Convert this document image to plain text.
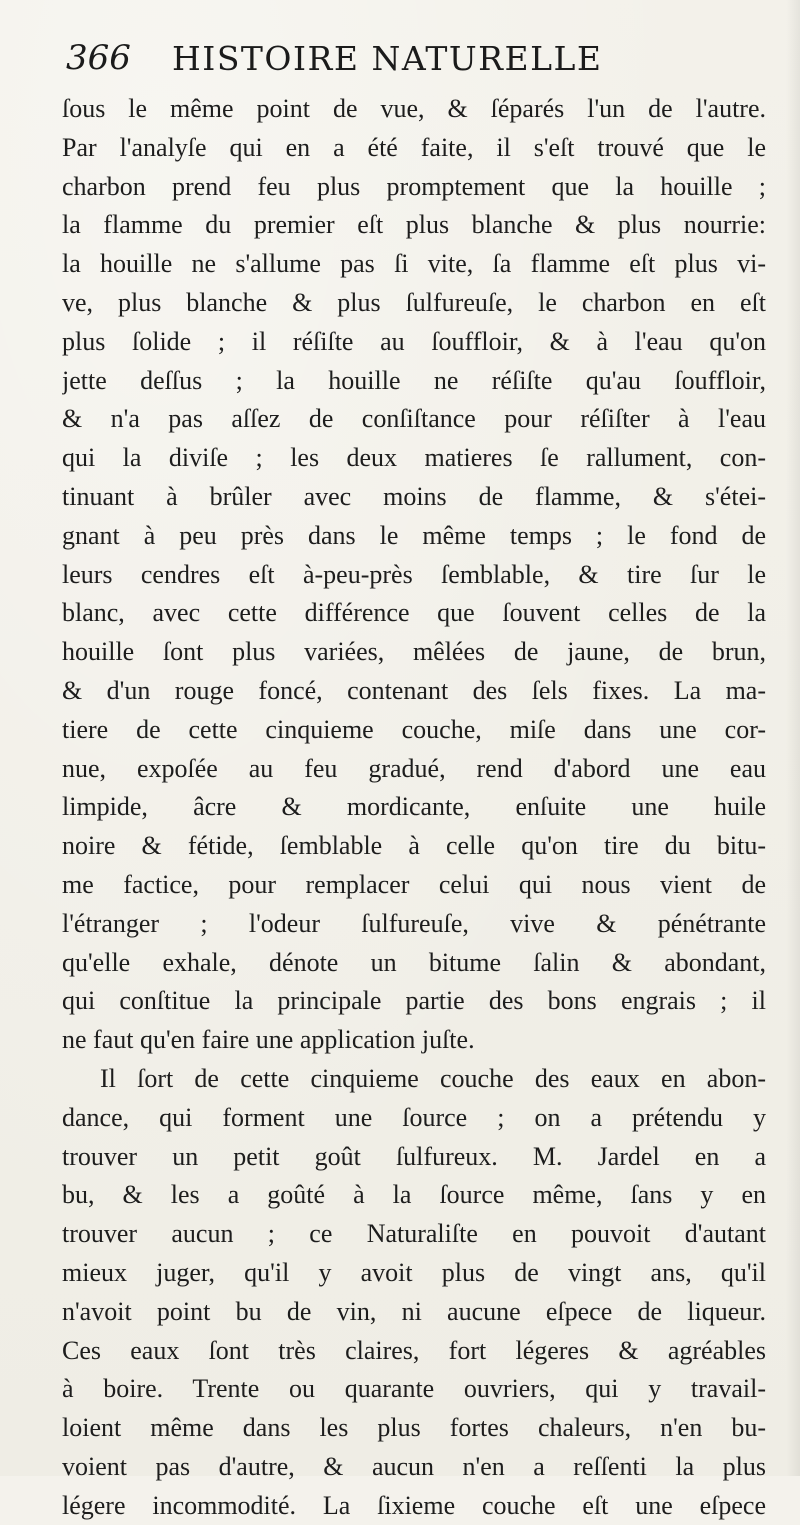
366 HISTOIRE NATURELLE
ſous le même point de vue, & ſéparés l'un de l'autre.
Par l'analyſe qui en a été faite, il s'eſt trouvé que le
charbon prend feu plus promptement que la houille ;
la flamme du premier eſt plus blanche & plus nourrie:
la houille ne s'allume pas ſi vite, ſa flamme eſt plus vi-
ve, plus blanche & plus ſulfureuſe, le charbon en eſt
plus ſolide ; il réſiſte au ſouffloir, & à l'eau qu'on
jette deſſus ; la houille ne réſiſte qu'au ſouffloir,
& n'a pas aſſez de conſiſtance pour réſiſter à l'eau
qui la diviſe ; les deux matieres ſe rallument, con-
tinuant à brûler avec moins de flamme, & s'étei-
gnant à peu près dans le même temps ; le fond de
leurs cendres eſt à-peu-près ſemblable, & tire ſur le
blanc, avec cette différence que ſouvent celles de la
houille ſont plus variées, mêlées de jaune, de brun,
& d'un rouge foncé, contenant des ſels fixes. La ma-
tiere de cette cinquieme couche, miſe dans une cor-
nue, expoſée au feu gradué, rend d'abord une eau
limpide, âcre & mordicante, enſuite une huile
noire & fétide, ſemblable à celle qu'on tire du bitu-
me factice, pour remplacer celui qui nous vient de
l'étranger ; l'odeur ſulfureuſe, vive & pénétrante
qu'elle exhale, dénote un bitume ſalin & abondant,
qui conſtitue la principale partie des bons engrais ; il
ne faut qu'en faire une application juſte.
Il ſort de cette cinquieme couche des eaux en abon-
dance, qui forment une ſource ; on a prétendu y
trouver un petit goût ſulfureux. M. Jardel en a
bu, & les a goûté à la ſource même, ſans y en
trouver aucun ; ce Naturaliſte en pouvoit d'autant
mieux juger, qu'il y avoit plus de vingt ans, qu'il
n'avoit point bu de vin, ni aucune eſpece de liqueur.
Ces eaux ſont très claires, fort légeres & agréables
à boire. Trente ou quarante ouvriers, qui y travail-
loient même dans les plus fortes chaleurs, n'en bu-
voient pas d'autre, & aucun n'en a reſſenti la plus
légere incommodité. La ſixieme couche eſt une eſpece
